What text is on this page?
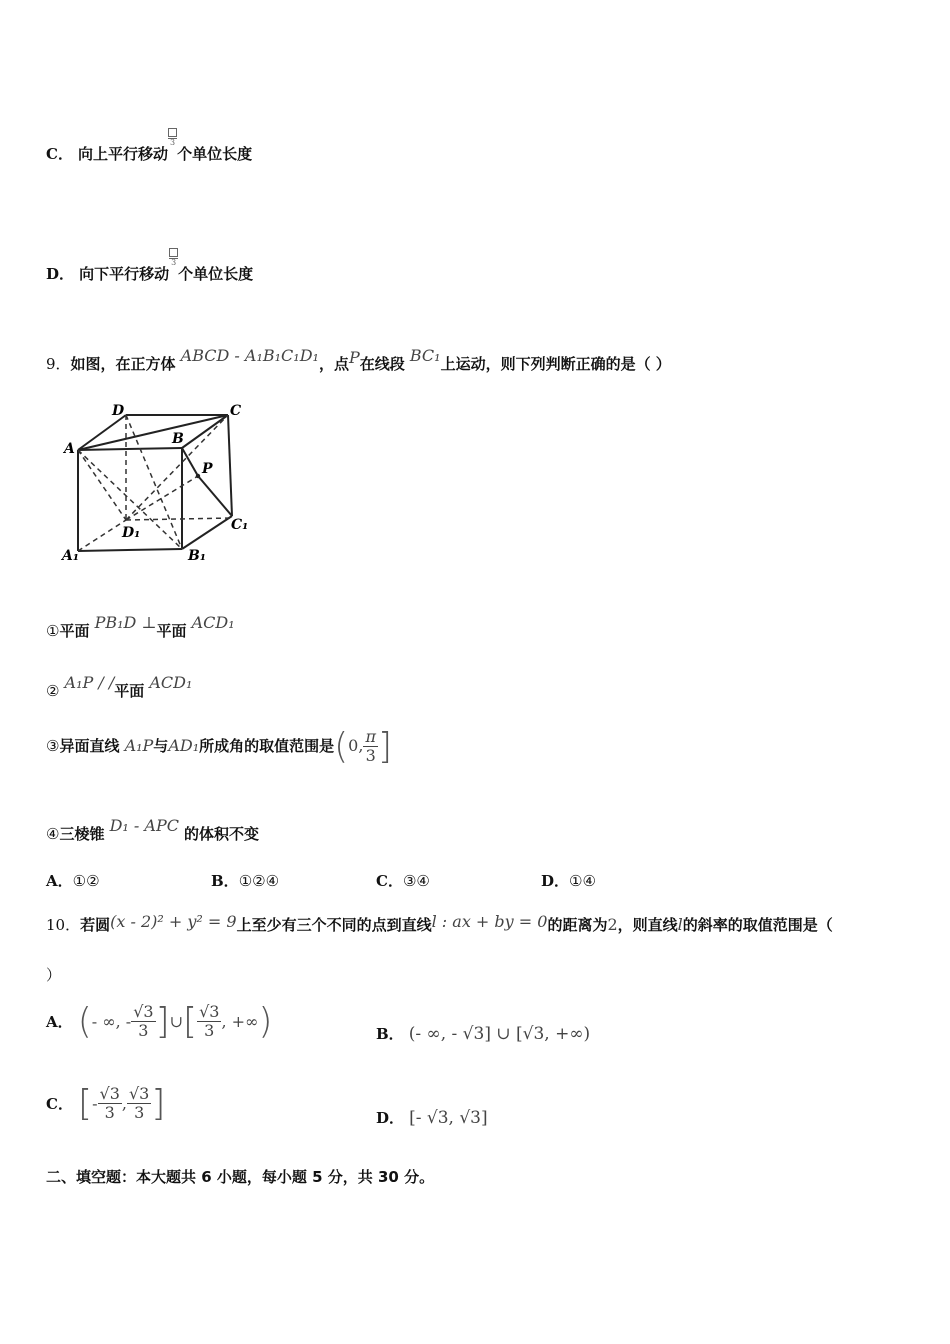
C． 向上平行移动
3个单位长度
D． 向下平行移动
3个单位长度
9．如图，在正方体 ABCD - A₁B₁C₁D₁，点P在线段 BC₁上运动，则下列判断正确的是（ ）
D	C
B
A
P
D₁	C₁
A₁	B₁
①平面 PB₁D ⊥平面 ACD₁
② A₁P / /平面 ACD₁
③异面直线 A₁P与AD₁所成角的取值范围是(0, $\frac{\pi}{3}$ ]
④三棱锥 D₁ - APC 的体积不变
A．①②	B．①②④	C．③④	D．①④
10．若圆(x - 2)² + y² = 9上至少有三个不同的点到直线l : ax + by = 0的距离为2，则直线l的斜率的取值范围是（
）
A． (- ∞, - $\frac{√3}{3}$ ]∪[ $\frac{√3}{3}$ , +∞)	B． (- ∞, - √3] ∪ [√3, +∞)
C． [- $\frac{√3}{3}$ , $\frac{√3}{3}$ ]	D． [- √3, √3]
二、填空题：本大题共 6 小题，每小题 5 分，共 30 分。
